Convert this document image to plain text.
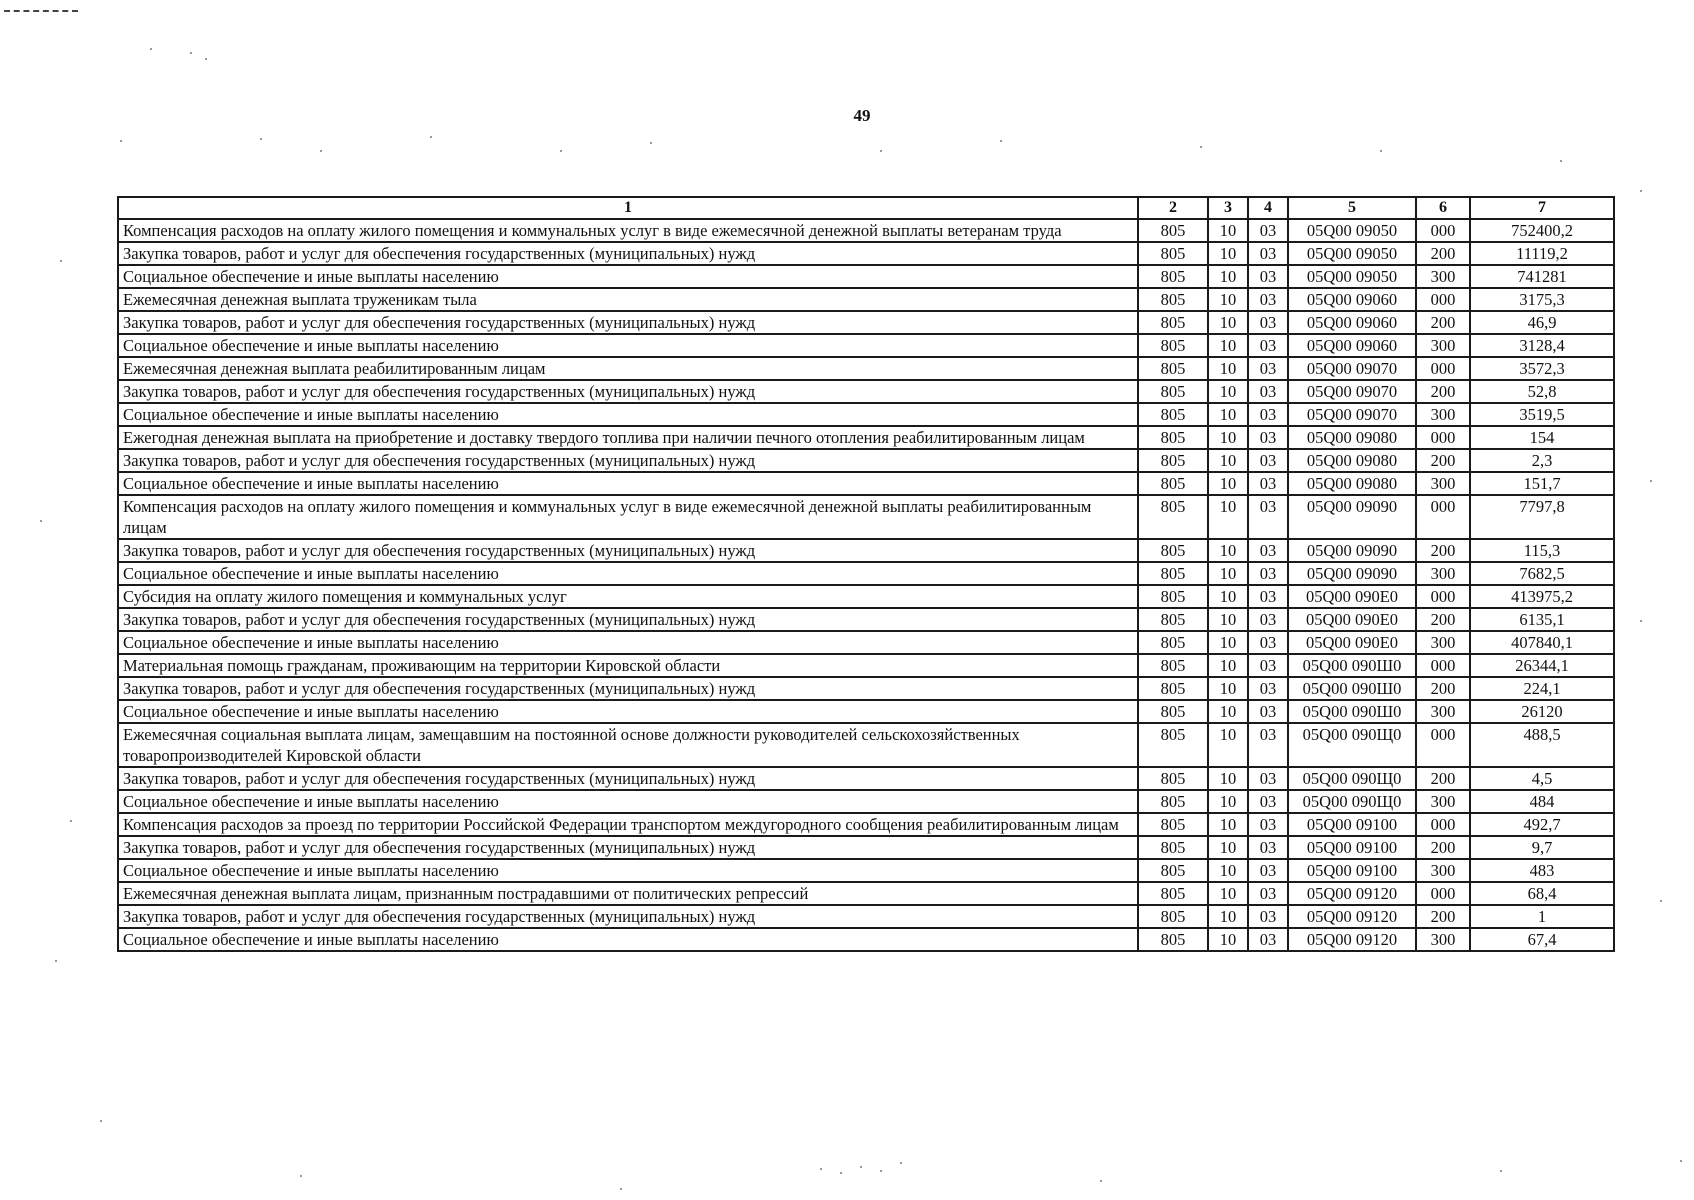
49
1	2	3	4	5	6	7
Компенсация расходов на оплату жилого помещения и коммунальных услуг в виде ежемесячной денежной выплаты ветеранам труда	805	10	03	05Q00 09050	000	752400,2
Закупка товаров, работ и услуг для обеспечения государственных (муниципальных) нужд	805	10	03	05Q00 09050	200	11119,2
Социальное обеспечение и иные выплаты населению	805	10	03	05Q00 09050	300	741281
Ежемесячная денежная выплата труженикам тыла	805	10	03	05Q00 09060	000	3175,3
Закупка товаров, работ и услуг для обеспечения государственных (муниципальных) нужд	805	10	03	05Q00 09060	200	46,9
Социальное обеспечение и иные выплаты населению	805	10	03	05Q00 09060	300	3128,4
Ежемесячная денежная выплата реабилитированным лицам	805	10	03	05Q00 09070	000	3572,3
Закупка товаров, работ и услуг для обеспечения государственных (муниципальных) нужд	805	10	03	05Q00 09070	200	52,8
Социальное обеспечение и иные выплаты населению	805	10	03	05Q00 09070	300	3519,5
Ежегодная денежная выплата на приобретение и доставку твердого топлива при наличии печного отопления реабилитированным лицам	805	10	03	05Q00 09080	000	154
Закупка товаров, работ и услуг для обеспечения государственных (муниципальных) нужд	805	10	03	05Q00 09080	200	2,3
Социальное обеспечение и иные выплаты населению	805	10	03	05Q00 09080	300	151,7
Компенсация расходов на оплату жилого помещения и коммунальных услуг в виде ежемесячной денежной выплаты реабилитированным лицам	805	10	03	05Q00 09090	000	7797,8
Закупка товаров, работ и услуг для обеспечения государственных (муниципальных) нужд	805	10	03	05Q00 09090	200	115,3
Социальное обеспечение и иные выплаты населению	805	10	03	05Q00 09090	300	7682,5
Субсидия на оплату жилого помещения и коммунальных услуг	805	10	03	05Q00 090E0	000	413975,2
Закупка товаров, работ и услуг для обеспечения государственных (муниципальных) нужд	805	10	03	05Q00 090E0	200	6135,1
Социальное обеспечение и иные выплаты населению	805	10	03	05Q00 090E0	300	407840,1
Материальная помощь гражданам, проживающим на территории Кировской области	805	10	03	05Q00 090Ш0	000	26344,1
Закупка товаров, работ и услуг для обеспечения государственных (муниципальных) нужд	805	10	03	05Q00 090Ш0	200	224,1
Социальное обеспечение и иные выплаты населению	805	10	03	05Q00 090Ш0	300	26120
Ежемесячная социальная выплата лицам, замещавшим на постоянной основе должности руководителей сельскохозяйственных товаропроизводителей Кировской области	805	10	03	05Q00 090Щ0	000	488,5
Закупка товаров, работ и услуг для обеспечения государственных (муниципальных) нужд	805	10	03	05Q00 090Щ0	200	4,5
Социальное обеспечение и иные выплаты населению	805	10	03	05Q00 090Щ0	300	484
Компенсация расходов за проезд по территории Российской Федерации транспортом междугородного сообщения реабилитированным лицам	805	10	03	05Q00 09100	000	492,7
Закупка товаров, работ и услуг для обеспечения государственных (муниципальных) нужд	805	10	03	05Q00 09100	200	9,7
Социальное обеспечение и иные выплаты населению	805	10	03	05Q00 09100	300	483
Ежемесячная денежная выплата лицам, признанным пострадавшими от политических репрессий	805	10	03	05Q00 09120	000	68,4
Закупка товаров, работ и услуг для обеспечения государственных (муниципальных) нужд	805	10	03	05Q00 09120	200	1
Социальное обеспечение и иные выплаты населению	805	10	03	05Q00 09120	300	67,4
